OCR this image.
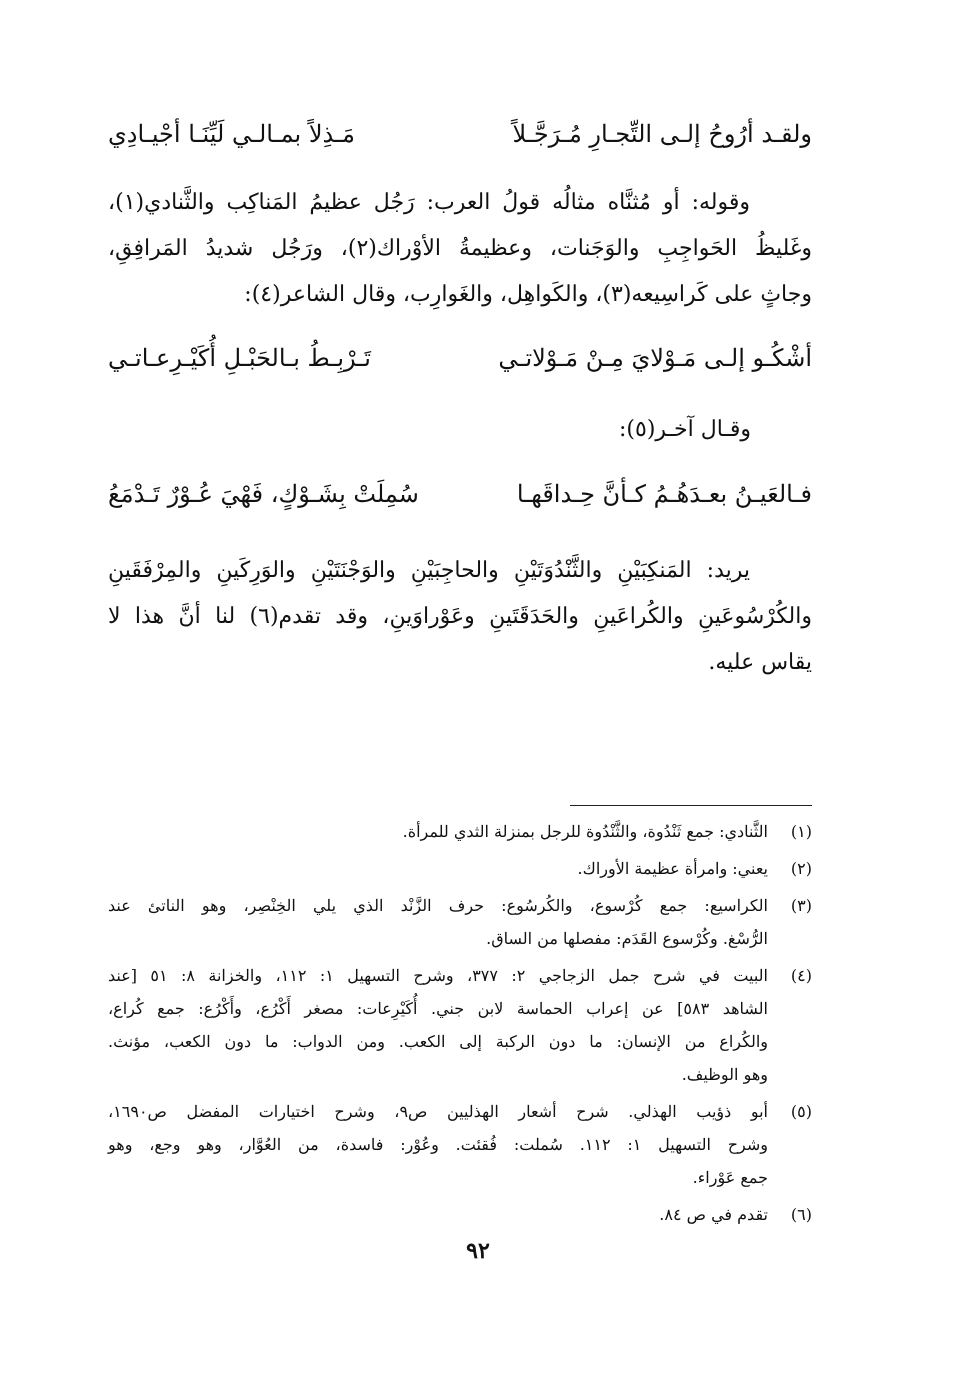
ولقـد أرُوحُ إلـى التِّجـارِ مُـرَجَّـلاً
مَـذِلاً بمـالـي لَيِّنَـا أجْيـادِي
وقوله: أو مُثنَّاه مثالُه قولُ العرب: رَجُل عظيمُ المَناكِب والثَّنادي(١)،
وغَليظُ الحَواجِبِ والوَجَنات، وعظيمةُ الأوْراك(٢)، ورَجُل شديدُ المَرافِقِ،
وجاثٍ على كَراسِيعه(٣)، والكَواهِل، والغَوارِب، وقال الشاعر(٤):
أشْكُـو إلـى مَـوْلايَ مِـنْ مَـوْلاتـي
تَـرْبِـطُ بـالحَبْـلِ أُكَيْـرِعـاتـي
وقـال آخـر(٥):
فـالعَيـنُ بعـدَهُـمُ كـأنَّ حِـداقَهـا
سُمِلَتْ بِشَـوْكٍ، فَهْيَ عُـوْرٌ تَـدْمَعُ
يريد: المَنكِبَيْنِ والثَّنْدُوَتَيْنِ والحاجِبَيْنِ والوَجْنَتَيْنِ والوَرِكَينِ والمِرْفَقَينِ
والكُرْسُوعَينِ والكُراعَينِ والحَدَقَتَينِ وعَوْراوَينِ، وقد تقدم(٦) لنا أنَّ هذا لا
يقاس عليه.
(١)
الثَّنادي: جمع ثَنْدُوة، والثَّنْدُوة للرجل بمنزلة الثدي للمرأة.
(٢)
يعني: وامرأة عظيمة الأوراك.
(٣)
الكراسيع: جمع كُرْسوع، والكُرسُوع: حرف الزَّنْد الذي يلي الخِنْصِر، وهو الناتئ عند
الرُّسْغ. وكُرْسوع القَدَم: مفصلها من الساق.
(٤)
البيت في شرح جمل الزجاجي ٢: ٣٧٧، وشرح التسهيل ١: ١١٢، والخزانة ٨: ٥١ [عند
الشاهد ٥٨٣] عن إعراب الحماسة لابن جني. أُكَيْرِعات: مصغر أَكْرُع، وأَكْرُع: جمع كُراع،
والكُراع من الإنسان: ما دون الركبة إلى الكعب. ومن الدواب: ما دون الكعب، مؤنث.
وهو الوظيف.
(٥)
أبو ذؤيب الهذلي. شرح أشعار الهذليين ص٩، وشرح اختيارات المفضل ص١٦٩٠،
وشرح التسهيل ١: ١١٢. سُملت: فُقئت. وعُوْر: فاسدة، من العُوَّار، وهو وجع، وهو
جمع عَوْراء.
(٦)
تقدم في ص ٨٤.
٩٢
